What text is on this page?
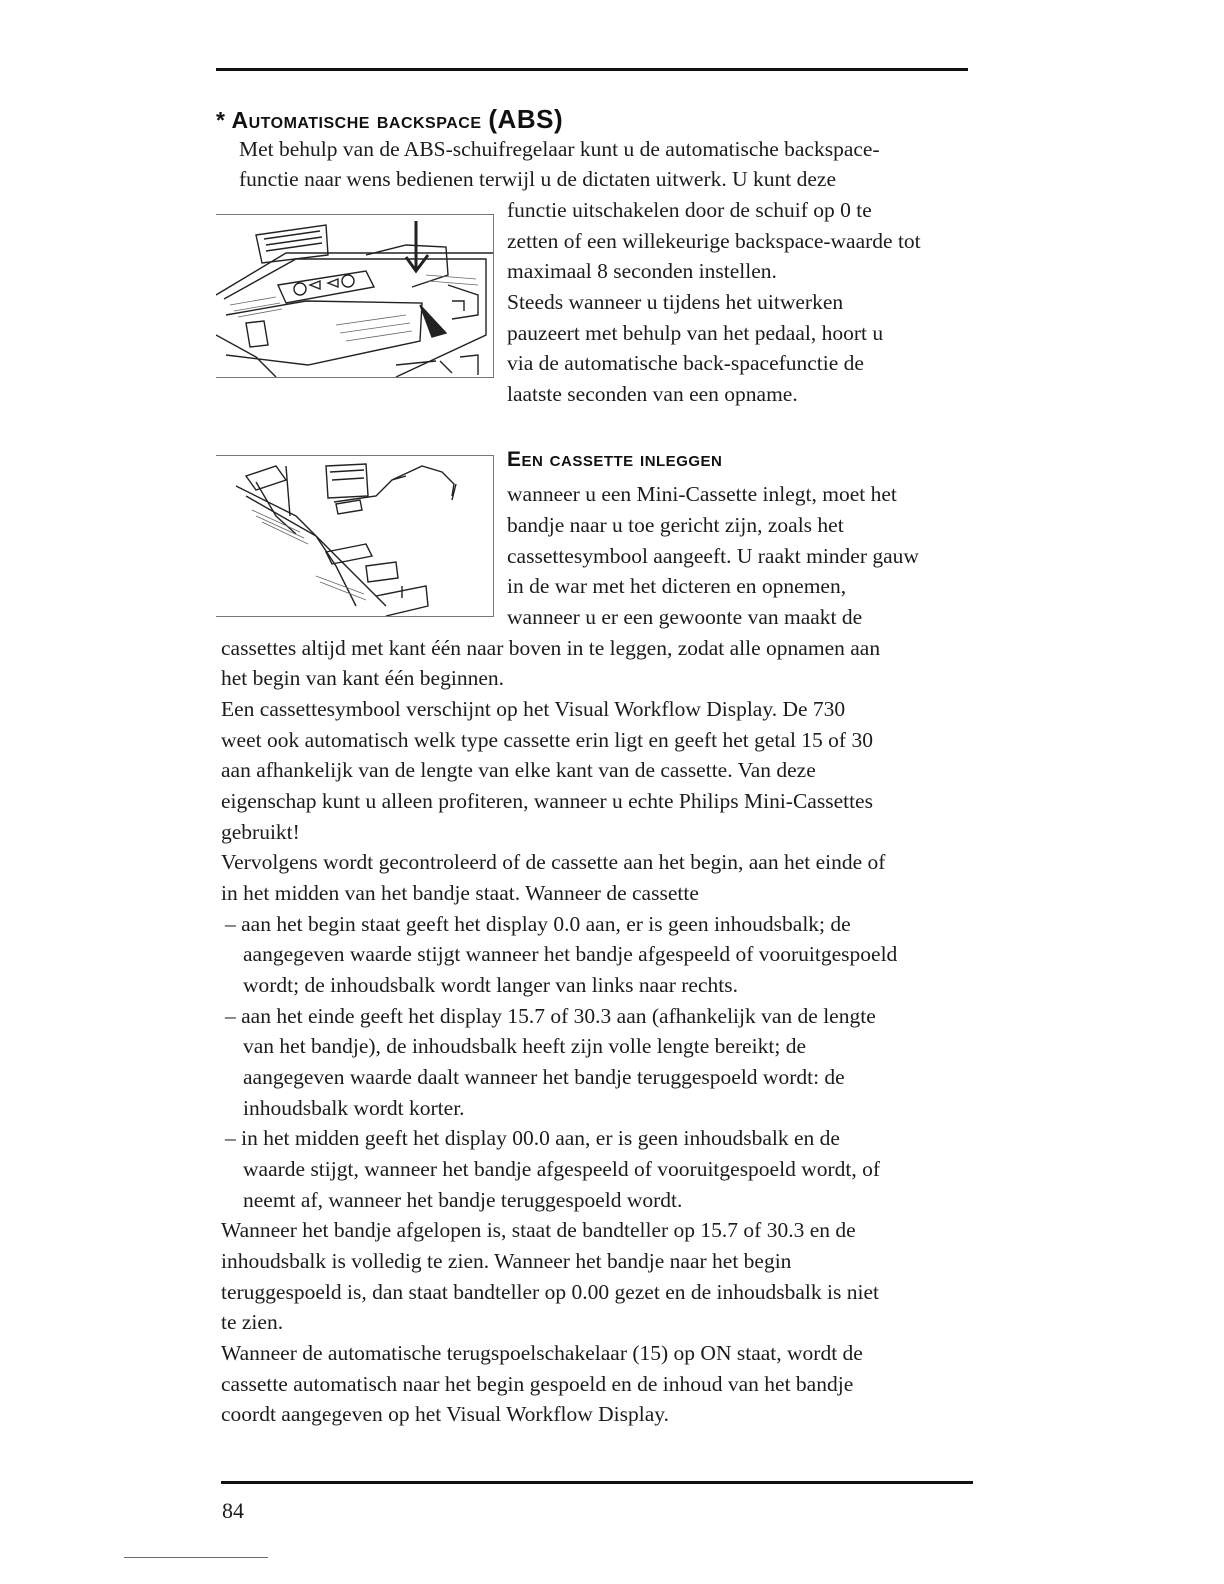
* Automatische backspace (ABS)
Met behulp van de ABS-schuifregelaar kunt u de automatische backspace-
functie naar wens bedienen terwijl u de dictaten uitwerk. U kunt deze
functie uitschakelen door de schuif op 0 te
zetten of een willekeurige backspace-waarde tot
maximaal 8 seconden instellen.
Steeds wanneer u tijdens het uitwerken
pauzeert met behulp van het pedaal, hoort u
via de automatische back-spacefunctie de
laatste seconden van een opname.
Een cassette inleggen
wanneer u een Mini-Cassette inlegt, moet het
bandje naar u toe gericht zijn, zoals het
cassettesymbool aangeeft. U raakt minder gauw
in de war met het dicteren en opnemen,
wanneer u er een gewoonte van maakt de
cassettes altijd met kant één naar boven in te leggen, zodat alle opnamen aan
het begin van kant één beginnen.
Een cassettesymbool verschijnt op het Visual Workflow Display. De 730
weet ook automatisch welk type cassette erin ligt en geeft het getal 15 of 30
aan afhankelijk van de lengte van elke kant van de cassette. Van deze
eigenschap kunt u alleen profiteren, wanneer u echte Philips Mini-Cassettes
gebruikt!
Vervolgens wordt gecontroleerd of de cassette aan het begin, aan het einde of
in het midden van het bandje staat. Wanneer de cassette
– aan het begin staat geeft het display 0.0 aan, er is geen inhoudsbalk; de
aangegeven waarde stijgt wanneer het bandje afgespeeld of vooruitgespoeld
wordt; de inhoudsbalk wordt langer van links naar rechts.
– aan het einde geeft het display 15.7 of 30.3 aan (afhankelijk van de lengte
van het bandje), de inhoudsbalk heeft zijn volle lengte bereikt; de
aangegeven waarde daalt wanneer het bandje teruggespoeld wordt: de
inhoudsbalk wordt korter.
– in het midden geeft het display 00.0 aan, er is geen inhoudsbalk en de
waarde stijgt, wanneer het bandje afgespeeld of vooruitgespoeld wordt, of
neemt af, wanneer het bandje teruggespoeld wordt.
Wanneer het bandje afgelopen is, staat de bandteller op 15.7 of 30.3 en de
inhoudsbalk is volledig te zien. Wanneer het bandje naar het begin
teruggespoeld is, dan staat bandteller op 0.00 gezet en de inhoudsbalk is niet
te zien.
Wanneer de automatische terugspoelschakelaar (15) op ON staat, wordt de
cassette automatisch naar het begin gespoeld en de inhoud van het bandje
coordt aangegeven op het Visual Workflow Display.
84
